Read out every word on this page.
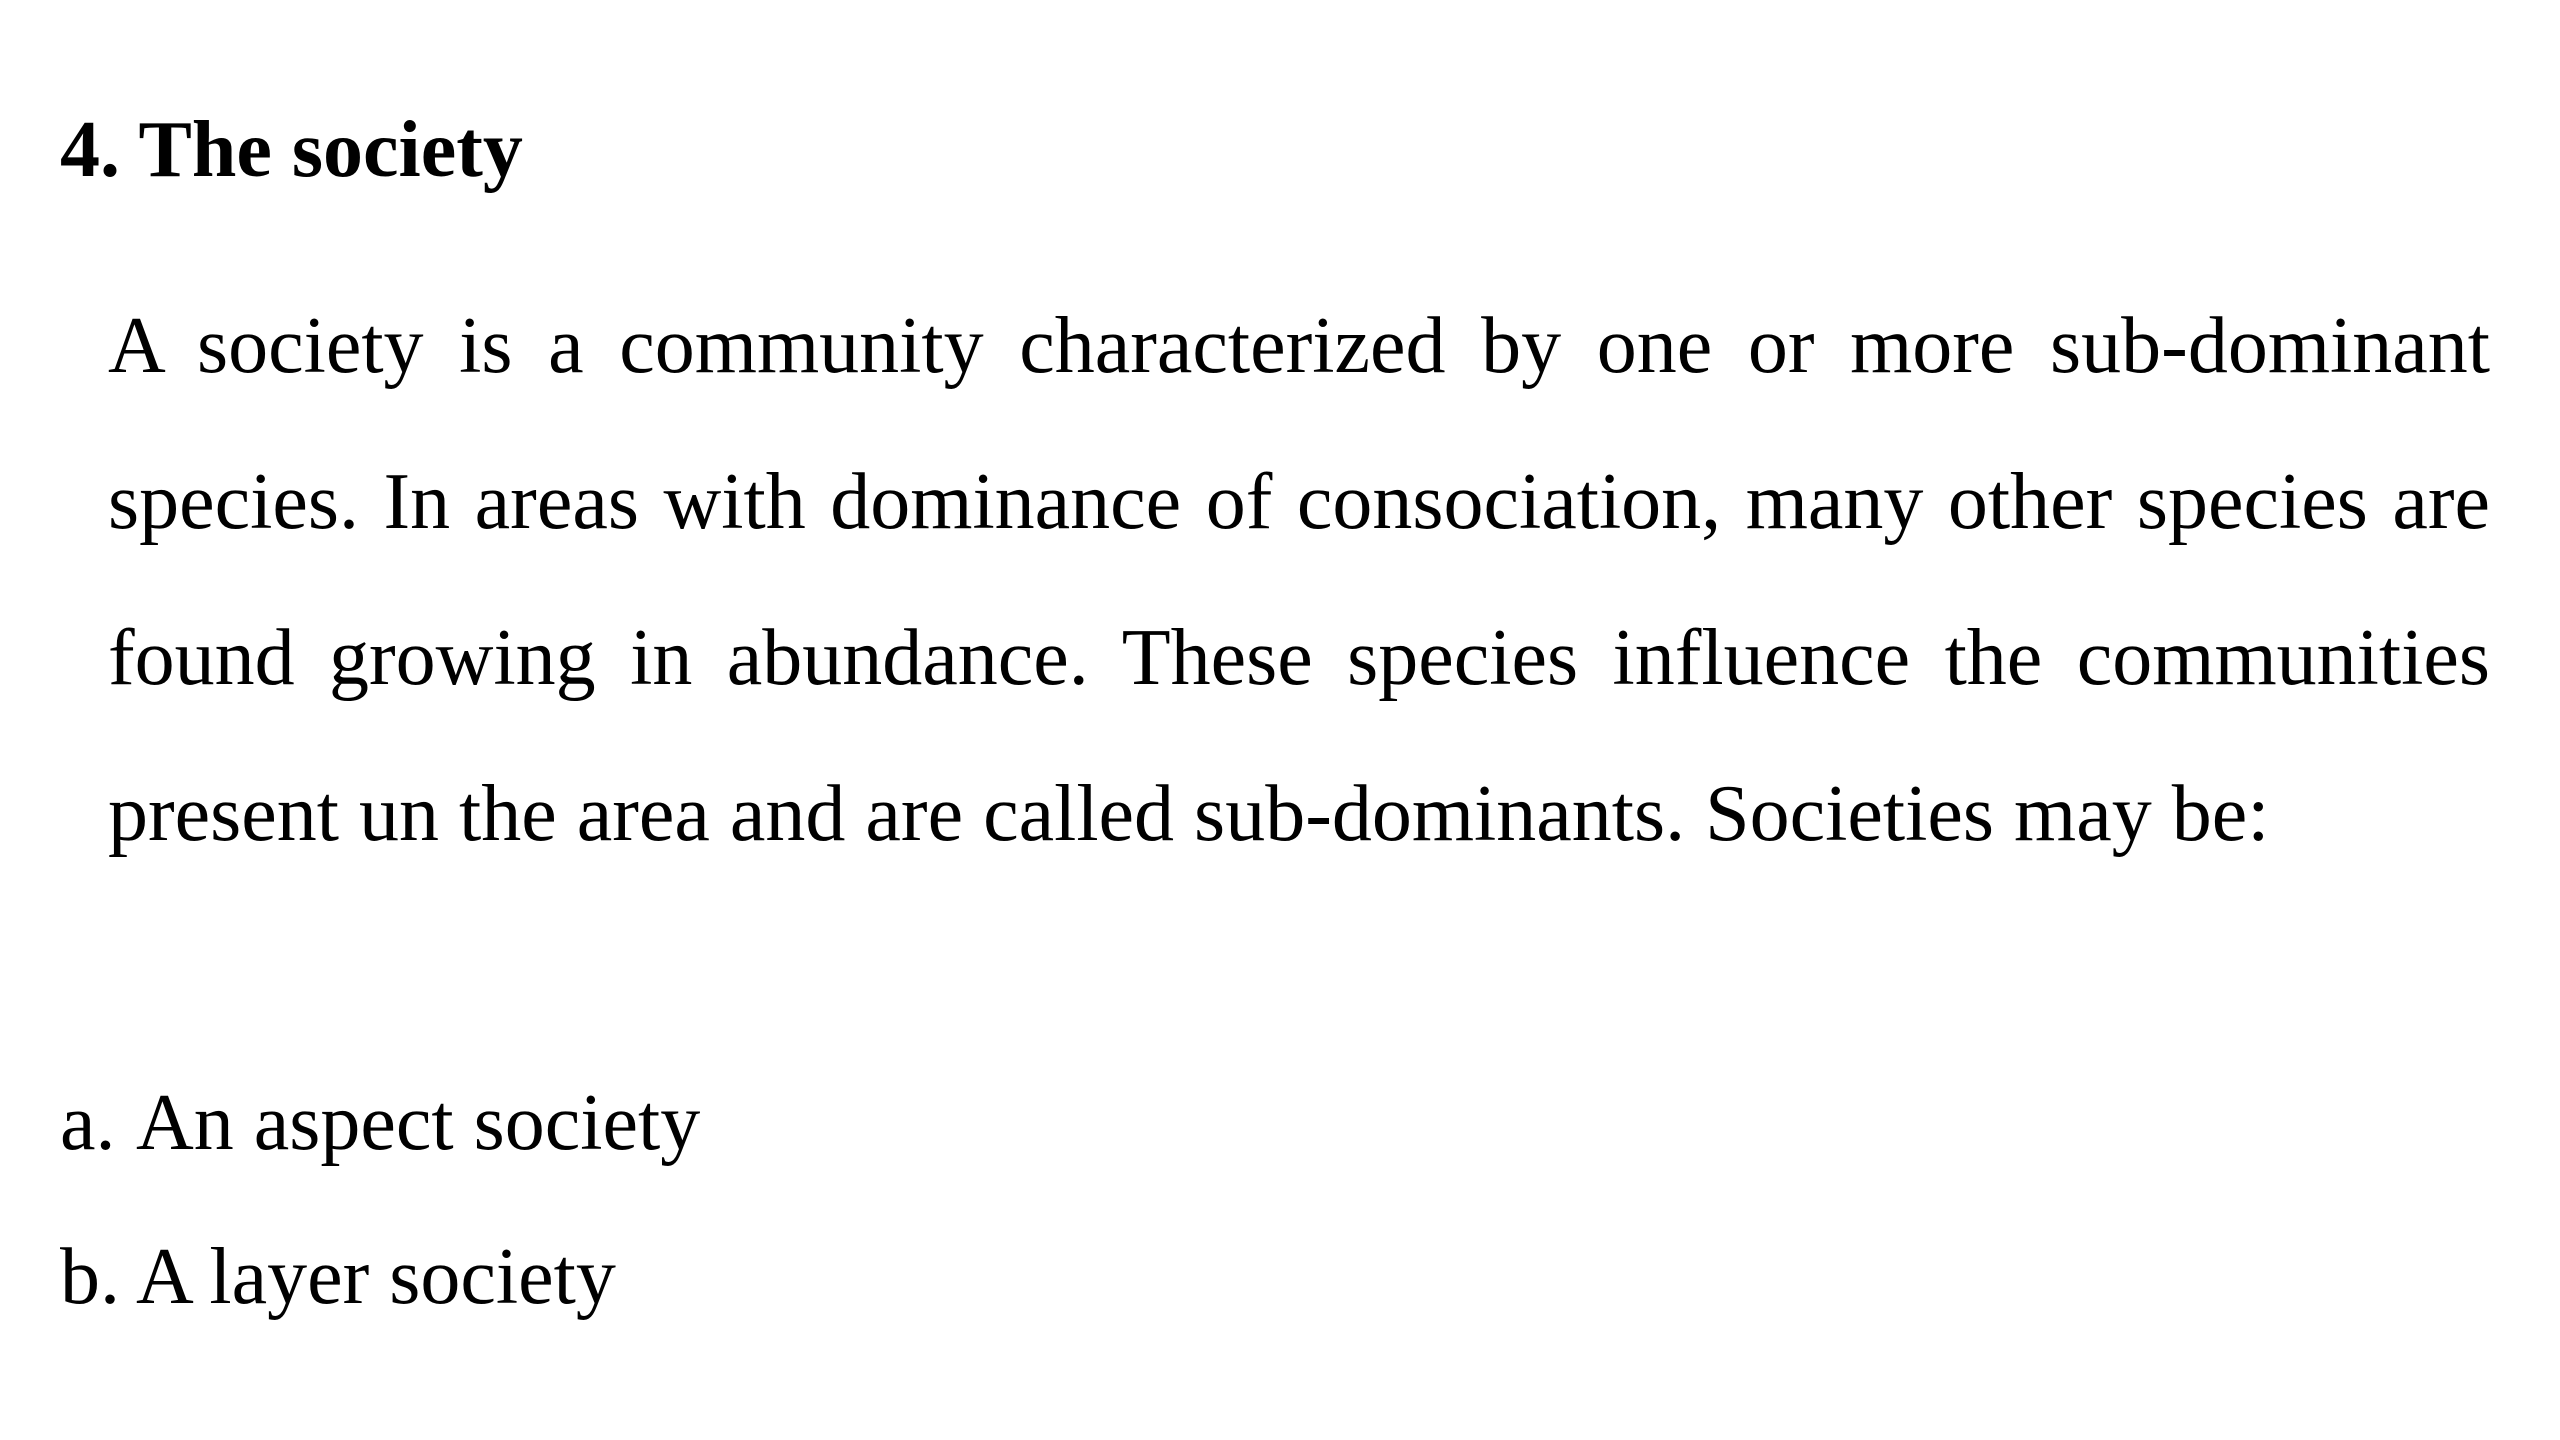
4. The society

A society is a community characterized by one or more sub-dominant species. In areas with dominance of consociation, many other species are found growing in abundance. These species influence the communities present un the area and are called sub-dominants. Societies may be:

a. An aspect society
b. A layer society
